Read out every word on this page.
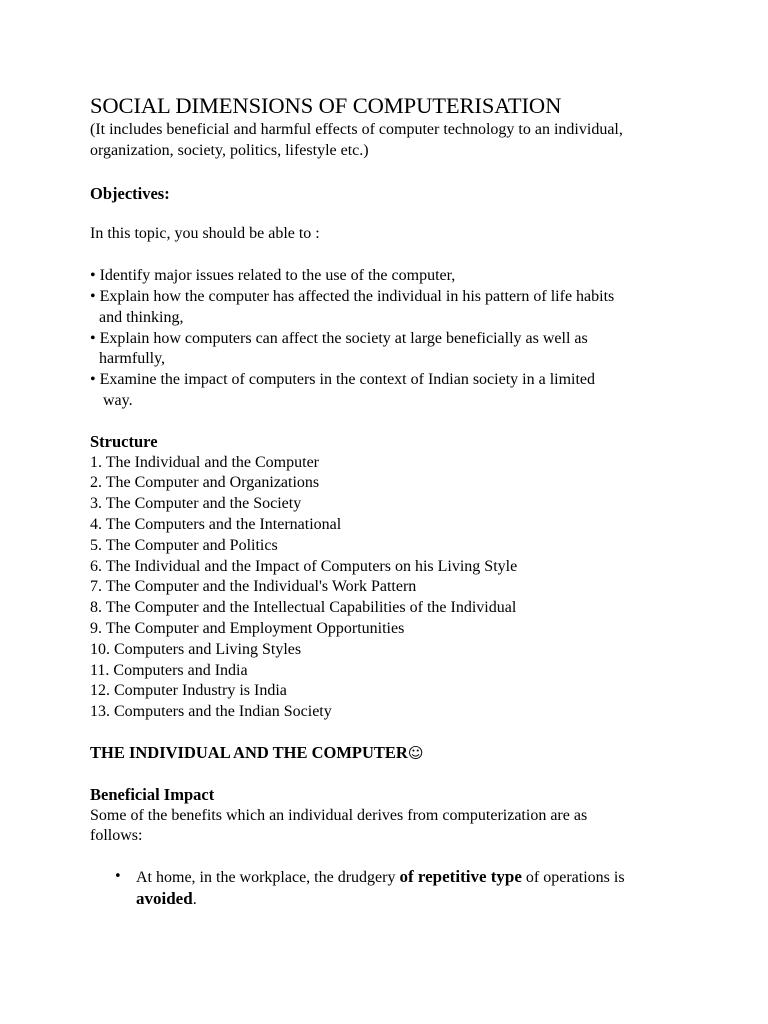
SOCIAL DIMENSIONS OF COMPUTERISATION
(It includes beneficial and harmful effects of computer technology to an individual,
organization, society, politics, lifestyle etc.)
Objectives:
In this topic, you should be able to :
• Identify major issues related to the use of the computer,
• Explain how the computer has affected the individual in his pattern of life habits
and thinking,
• Explain how computers can affect the society at large beneficially as well as
harmfully,
• Examine the impact of computers in the context of Indian society in a limited
way.
Structure
1. The Individual and the Computer
2. The Computer and Organizations
3. The Computer and the Society
4. The Computers and the International
5. The Computer and Politics
6. The Individual and the Impact of Computers on his Living Style
7. The Computer and the Individual's Work Pattern
8. The Computer and the Intellectual Capabilities of the Individual
9. The Computer and Employment Opportunities
10. Computers and Living Styles
11. Computers and India
12. Computer Industry is India
13. Computers and the Indian Society
THE INDIVIDUAL AND THE COMPUTER☺
Beneficial Impact
Some of the benefits which an individual derives from computerization are as
follows:
• At home, in the workplace, the drudgery of repetitive type of operations is
avoided.
